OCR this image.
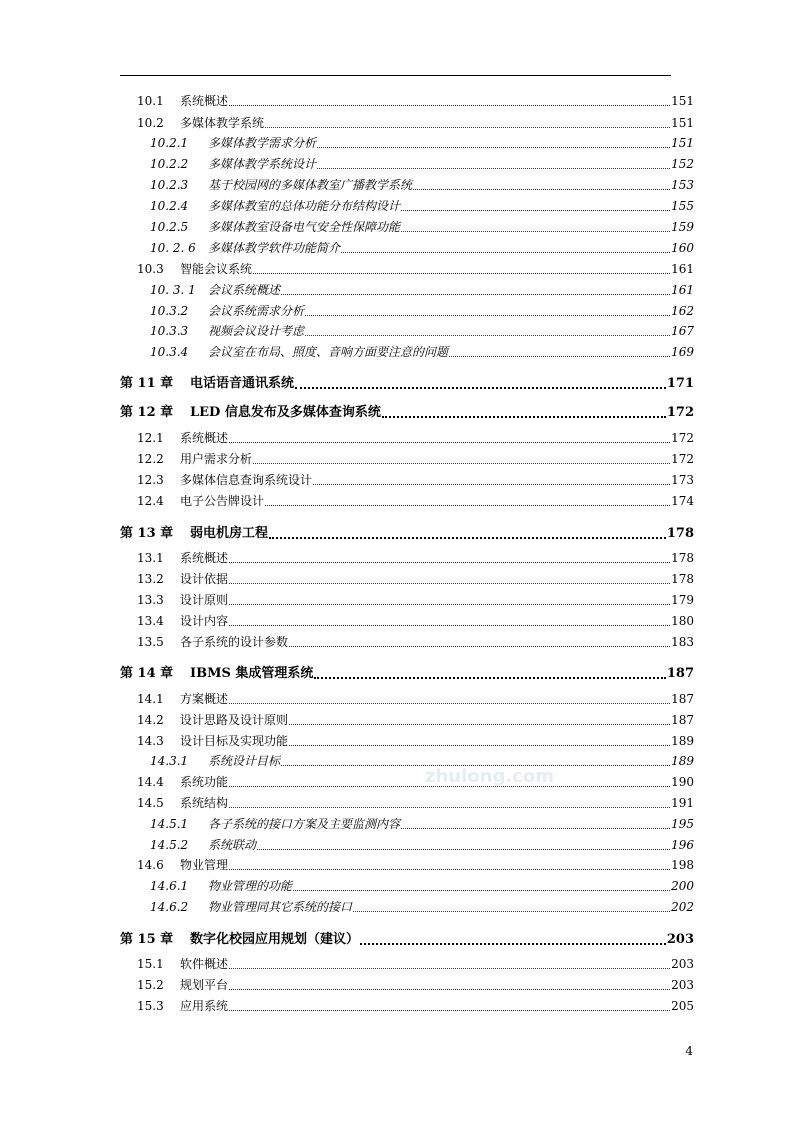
zhulong.com
10.1	系统概述	151
10.2	多媒体教学系统	151
10.2.1	多媒体教学需求分析	151
10.2.2	多媒体教学系统设计	152
10.2.3	基于校园网的多媒体教室广播教学系统	153
10.2.4	多媒体教室的总体功能分布结构设计	155
10.2.5	多媒体教室设备电气安全性保障功能	159
10. 2. 6	多媒体教学软件功能简介	160
10.3	智能会议系统	161
10. 3. 1	会议系统概述	161
10.3.2	会议系统需求分析	162
10.3.3	视频会议设计考虑	167
10.3.4	会议室在布局、照度、音响方面要注意的问题	169
第 11 章	电话语音通讯系统	171
第 12 章	LED 信息发布及多媒体查询系统	172
12.1	系统概述	172
12.2	用户需求分析	172
12.3	多媒体信息查询系统设计	173
12.4	电子公告牌设计	174
第 13 章	弱电机房工程	178
13.1	系统概述	178
13.2	设计依据	178
13.3	设计原则	179
13.4	设计内容	180
13.5	各子系统的设计参数	183
第 14 章	IBMS 集成管理系统	187
14.1	方案概述	187
14.2	设计思路及设计原则	187
14.3	设计目标及实现功能	189
14.3.1	系统设计目标	189
14.4	系统功能	190
14.5	系统结构	191
14.5.1	各子系统的接口方案及主要监测内容	195
14.5.2	系统联动	196
14.6	物业管理	198
14.6.1	物业管理的功能	200
14.6.2	物业管理同其它系统的接口	202
第 15 章	数字化校园应用规划（建议）	203
15.1	软件概述	203
15.2	规划平台	203
15.3	应用系统	205
4
